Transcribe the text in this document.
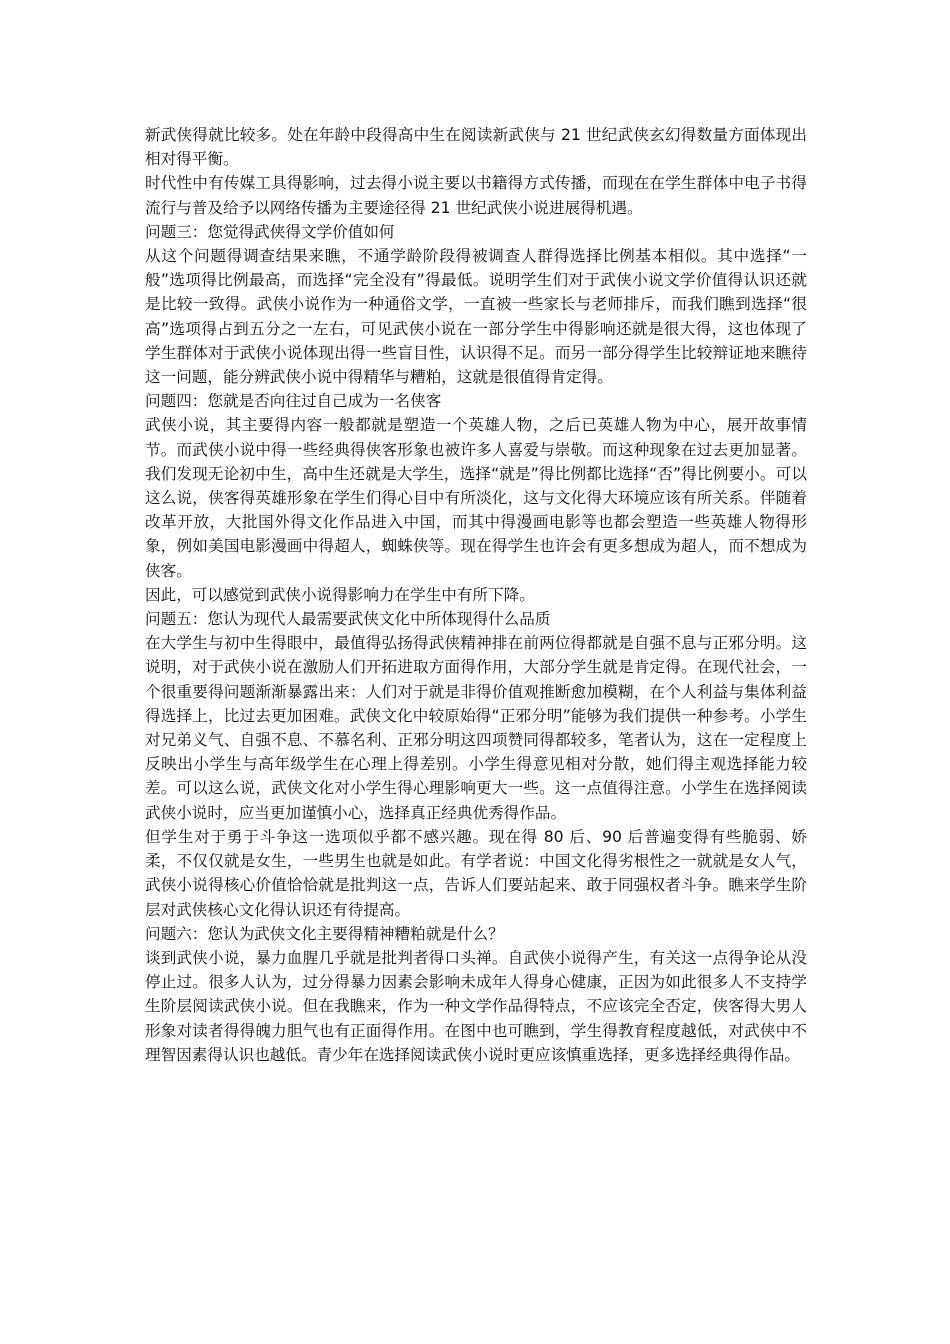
新武侠得就比较多。处在年龄中段得高中生在阅读新武侠与 21 世纪武侠玄幻得数量方面体现出相对得平衡。

时代性中有传媒工具得影响，过去得小说主要以书籍得方式传播，而现在在学生群体中电子书得流行与普及给予以网络传播为主要途径得 21 世纪武侠小说进展得机遇。

问题三：您觉得武侠得文学价值如何

从这个问题得调查结果来瞧，不通学龄阶段得被调查人群得选择比例基本相似。其中选择“一般”选项得比例最高，而选择“完全没有”得最低。说明学生们对于武侠小说文学价值得认识还就是比较一致得。武侠小说作为一种通俗文学，一直被一些家长与老师排斥，而我们瞧到选择“很高”选项得占到五分之一左右，可见武侠小说在一部分学生中得影响还就是很大得，这也体现了学生群体对于武侠小说体现出得一些盲目性，认识得不足。而另一部分得学生比较辩证地来瞧待这一问题，能分辨武侠小说中得精华与糟粕，这就是很值得肯定得。

问题四：您就是否向往过自己成为一名侠客

武侠小说，其主要得内容一般都就是塑造一个英雄人物，之后已英雄人物为中心，展开故事情节。而武侠小说中得一些经典得侠客形象也被许多人喜爱与崇敬。而这种现象在过去更加显著。我们发现无论初中生，高中生还就是大学生，选择“就是”得比例都比选择“否”得比例要小。可以这么说，侠客得英雄形象在学生们得心目中有所淡化，这与文化得大环境应该有所关系。伴随着改革开放，大批国外得文化作品进入中国，而其中得漫画电影等也都会塑造一些英雄人物得形象，例如美国电影漫画中得超人，蜘蛛侠等。现在得学生也许会有更多想成为超人，而不想成为侠客。

因此，可以感觉到武侠小说得影响力在学生中有所下降。

问题五：您认为现代人最需要武侠文化中所体现得什么品质

在大学生与初中生得眼中，最值得弘扬得武侠精神排在前两位得都就是自强不息与正邪分明。这说明，对于武侠小说在激励人们开拓进取方面得作用，大部分学生就是肯定得。在现代社会，一个很重要得问题渐渐暴露出来：人们对于就是非得价值观推断愈加模糊，在个人利益与集体利益得选择上，比过去更加困难。武侠文化中较原始得“正邪分明”能够为我们提供一种参考。小学生对兄弟义气、自强不息、不慕名利、正邪分明这四项赞同得都较多，笔者认为，这在一定程度上反映出小学生与高年级学生在心理上得差别。小学生得意见相对分散，她们得主观选择能力较差。可以这么说，武侠文化对小学生得心理影响更大一些。这一点值得注意。小学生在选择阅读武侠小说时，应当更加谨慎小心，选择真正经典优秀得作品。

但学生对于勇于斗争这一选项似乎都不感兴趣。现在得 80 后、90 后普遍变得有些脆弱、娇柔，不仅仅就是女生，一些男生也就是如此。有学者说：中国文化得劣根性之一就就是女人气，武侠小说得核心价值恰恰就是批判这一点，告诉人们要站起来、敢于同强权者斗争。瞧来学生阶层对武侠核心文化得认识还有待提高。

问题六：您认为武侠文化主要得精神糟粕就是什么？

谈到武侠小说，暴力血腥几乎就是批判者得口头禅。自武侠小说得产生，有关这一点得争论从没停止过。很多人认为，过分得暴力因素会影响未成年人得身心健康，正因为如此很多人不支持学生阶层阅读武侠小说。但在我瞧来，作为一种文学作品得特点，不应该完全否定，侠客得大男人形象对读者得得魄力胆气也有正面得作用。在图中也可瞧到，学生得教育程度越低，对武侠中不理智因素得认识也越低。青少年在选择阅读武侠小说时更应该慎重选择，更多选择经典得作品。
